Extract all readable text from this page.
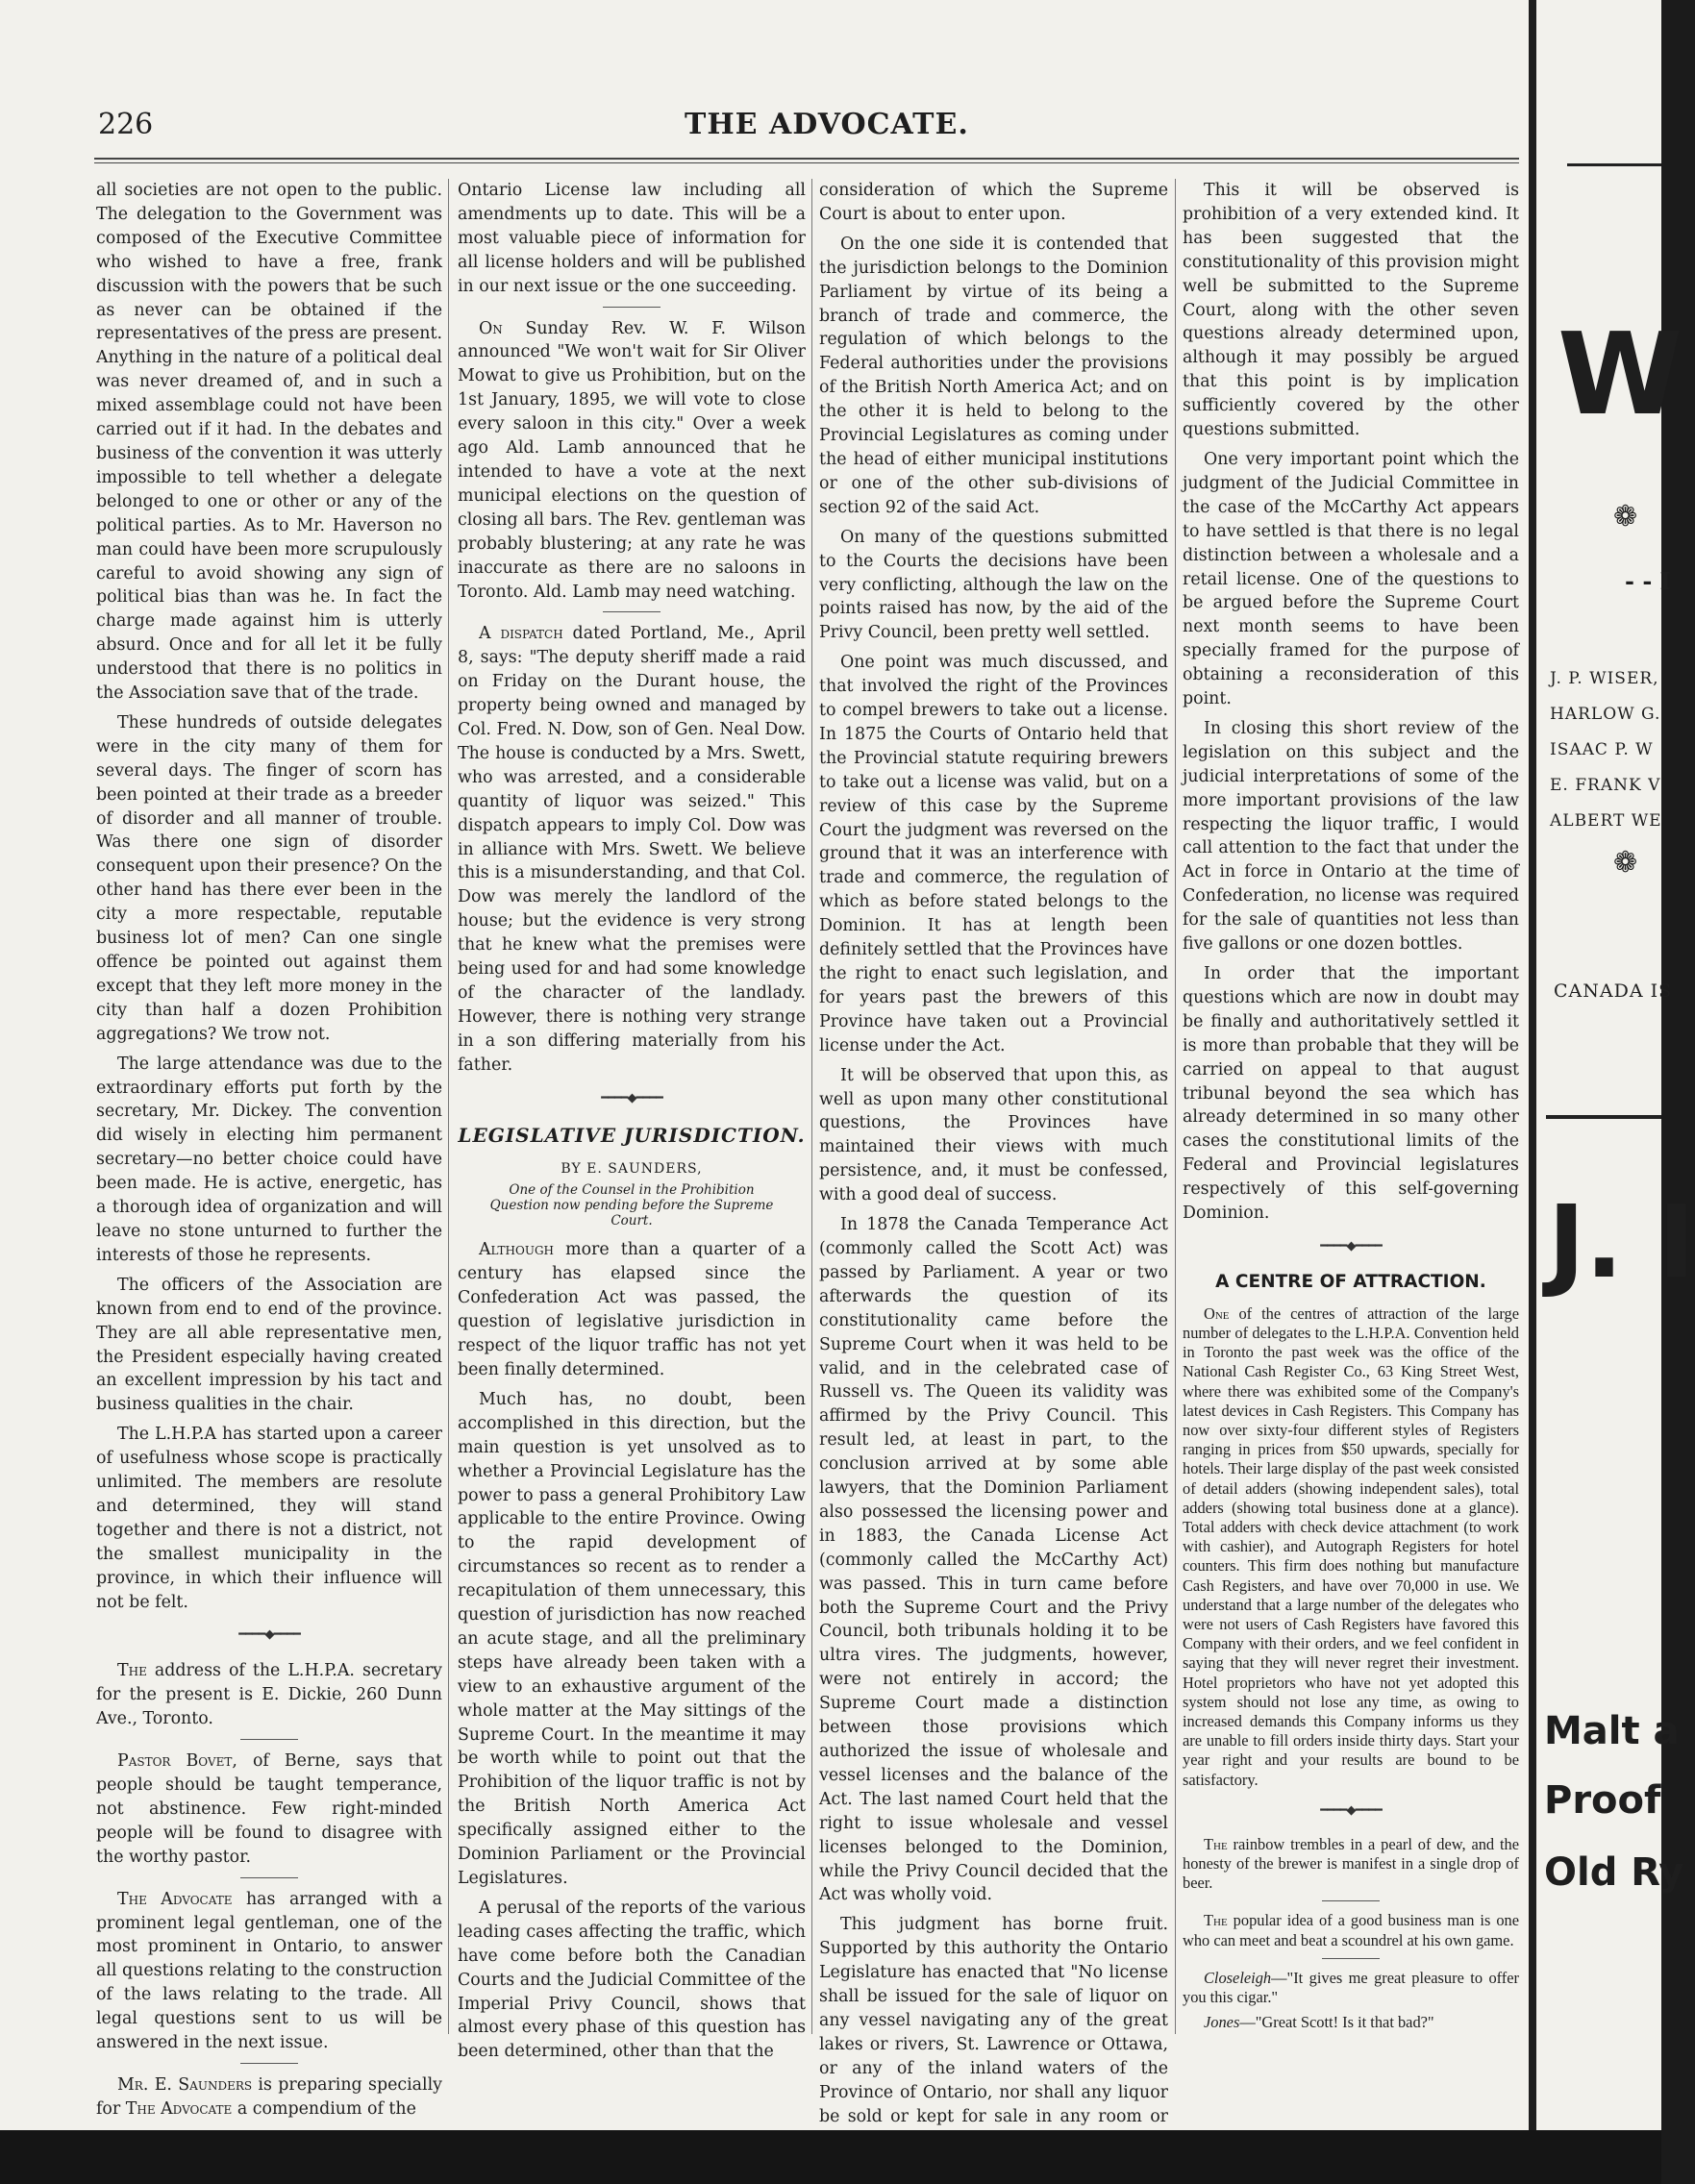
226	THE ADVOCATE.

all societies are not open to the public. The delegation to the Government was composed of the Executive Committee who wished to have a free, frank discussion with the powers that be such as never can be obtained if the representatives of the press are present. Anything in the nature of a political deal was never dreamed of, and in such a mixed assemblage could not have been carried out if it had. In the debates and business of the convention it was utterly impossible to tell whether a delegate belonged to one or other or any of the political parties. As to Mr. Haverson no man could have been more scrupulously careful to avoid showing any sign of political bias than was he. In fact the charge made against him is utterly absurd. Once and for all let it be fully understood that there is no politics in the Association save that of the trade.

These hundreds of outside delegates were in the city many of them for several days. The finger of scorn has been pointed at their trade as a breeder of disorder and all manner of trouble. Was there one sign of disorder consequent upon their presence? On the other hand has there ever been in the city a more respectable, reputable business lot of men? Can one single offence be pointed out against them except that they left more money in the city than half a dozen Prohibition aggregations? We trow not.

The large attendance was due to the extraordinary efforts put forth by the secretary, Mr. Dickey. The convention did wisely in electing him permanent secretary—no better choice could have been made. He is active, energetic, has a thorough idea of organization and will leave no stone unturned to further the interests of those he represents.

The officers of the Association are known from end to end of the province. They are all able representative men, the President especially having created an excellent impression by his tact and business qualities in the chair.

The L.H.P.A has started upon a career of usefulness whose scope is practically unlimited. The members are resolute and determined, they will stand together and there is not a district, not the smallest municipality in the province, in which their influence will not be felt.

━━━━◆━━━━

The address of the L.H.P.A. secretary for the present is E. Dickie, 260 Dunn Ave., Toronto.

Pastor Bovet, of Berne, says that people should be taught temperance, not abstinence. Few right-minded people will be found to disagree with the worthy pastor.

The Advocate has arranged with a prominent legal gentleman, one of the most prominent in Ontario, to answer all questions relating to the construction of the laws relating to the trade. All legal questions sent to us will be answered in the next issue.

Mr. E. Saunders is preparing specially for The Advocate a compendium of the

Ontario License law including all amendments up to date. This will be a most valuable piece of information for all license holders and will be published in our next issue or the one succeeding.

On Sunday Rev. W. F. Wilson announced "We won't wait for Sir Oliver Mowat to give us Prohibition, but on the 1st January, 1895, we will vote to close every saloon in this city." Over a week ago Ald. Lamb announced that he intended to have a vote at the next municipal elections on the question of closing all bars. The Rev. gentleman was probably blustering; at any rate he was inaccurate as there are no saloons in Toronto. Ald. Lamb may need watching.

A dispatch dated Portland, Me., April 8, says: "The deputy sheriff made a raid on Friday on the Durant house, the property being owned and managed by Col. Fred. N. Dow, son of Gen. Neal Dow. The house is conducted by a Mrs. Swett, who was arrested, and a considerable quantity of liquor was seized." This dispatch appears to imply Col. Dow was in alliance with Mrs. Swett. We believe this is a misunderstanding, and that Col. Dow was merely the landlord of the house; but the evidence is very strong that he knew what the premises were being used for and had some knowledge of the character of the landlady. However, there is nothing very strange in a son differing materially from his father.

━━━━◆━━━━
LEGISLATIVE JURISDICTION.
BY E. SAUNDERS,
One of the Counsel in the Prohibition Question now pending before the Supreme Court.

Although more than a quarter of a century has elapsed since the Confederation Act was passed, the question of legislative jurisdiction in respect of the liquor traffic has not yet been finally determined.

Much has, no doubt, been accomplished in this direction, but the main question is yet unsolved as to whether a Provincial Legislature has the power to pass a general Prohibitory Law applicable to the entire Province. Owing to the rapid development of circumstances so recent as to render a recapitulation of them unnecessary, this question of jurisdiction has now reached an acute stage, and all the preliminary steps have already been taken with a view to an exhaustive argument of the whole matter at the May sittings of the Supreme Court. In the meantime it may be worth while to point out that the Prohibition of the liquor traffic is not by the British North America Act specifically assigned either to the Dominion Parliament or the Provincial Legislatures.

A perusal of the reports of the various leading cases affecting the traffic, which have come before both the Canadian Courts and the Judicial Committee of the Imperial Privy Council, shows that almost every phase of this question has been determined, other than that the

consideration of which the Supreme Court is about to enter upon.

On the one side it is contended that the jurisdiction belongs to the Dominion Parliament by virtue of its being a branch of trade and commerce, the regulation of which belongs to the Federal authorities under the provisions of the British North America Act; and on the other it is held to belong to the Provincial Legislatures as coming under the head of either municipal institutions or one of the other sub-divisions of section 92 of the said Act.

On many of the questions submitted to the Courts the decisions have been very conflicting, although the law on the points raised has now, by the aid of the Privy Council, been pretty well settled.

One point was much discussed, and that involved the right of the Provinces to compel brewers to take out a license. In 1875 the Courts of Ontario held that the Provincial statute requiring brewers to take out a license was valid, but on a review of this case by the Supreme Court the judgment was reversed on the ground that it was an interference with trade and commerce, the regulation of which as before stated belongs to the Dominion. It has at length been definitely settled that the Provinces have the right to enact such legislation, and for years past the brewers of this Province have taken out a Provincial license under the Act.

It will be observed that upon this, as well as upon many other constitutional questions, the Provinces have maintained their views with much persistence, and, it must be confessed, with a good deal of success.

In 1878 the Canada Temperance Act (commonly called the Scott Act) was passed by Parliament. A year or two afterwards the question of its constitutionality came before the Supreme Court when it was held to be valid, and in the celebrated case of Russell vs. The Queen its validity was affirmed by the Privy Council. This result led, at least in part, to the conclusion arrived at by some able lawyers, that the Dominion Parliament also possessed the licensing power and in 1883, the Canada License Act (commonly called the McCarthy Act) was passed. This in turn came before both the Supreme Court and the Privy Council, both tribunals holding it to be ultra vires. The judgments, however, were not entirely in accord; the Supreme Court made a distinction between those provisions which authorized the issue of wholesale and vessel licenses and the balance of the Act. The last named Court held that the right to issue wholesale and vessel licenses belonged to the Dominion, while the Privy Council decided that the Act was wholly void.

This judgment has borne fruit. Supported by this authority the Ontario Legislature has enacted that "No license shall be issued for the sale of liquor on any vessel navigating any of the great lakes or rivers, St. Lawrence or Ottawa, or any of the inland waters of the Province of Ontario, nor shall any liquor be sold or kept for sale in any room or

This it will be observed is prohibition of a very extended kind. It has been suggested that the constitutionality of this provision might well be submitted to the Supreme Court, along with the other seven questions already determined upon, although it may possibly be argued that this point is by implication sufficiently covered by the other questions submitted.

One very important point which the judgment of the Judicial Committee in the case of the McCarthy Act appears to have settled is that there is no legal distinction between a wholesale and a retail license. One of the questions to be argued before the Supreme Court next month seems to have been specially framed for the purpose of obtaining a reconsideration of this point.

In closing this short review of the legislation on this subject and the judicial interpretations of some of the more important provisions of the law respecting the liquor traffic, I would call attention to the fact that under the Act in force in Ontario at the time of Confederation, no license was required for the sale of quantities not less than five gallons or one dozen bottles.

In order that the important questions which are now in doubt may be finally and authoritatively settled it is more than probable that they will be carried on appeal to that august tribunal beyond the sea which has already determined in so many other cases the constitutional limits of the Federal and Provincial legislatures respectively of this self-governing Dominion.

━━━━◆━━━━
A CENTRE OF ATTRACTION.

One of the centres of attraction of the large number of delegates to the L.H.P.A. Convention held in Toronto the past week was the office of the National Cash Register Co., 63 King Street West, where there was exhibited some of the Company's latest devices in Cash Registers. This Company has now over sixty-four different styles of Registers ranging in prices from $50 upwards, specially for hotels. Their large display of the past week consisted of detail adders (showing independent sales), total adders (showing total business done at a glance). Total adders with check device attachment (to work with cashier), and Autograph Registers for hotel counters. This firm does nothing but manufacture Cash Registers, and have over 70,000 in use. We understand that a large number of the delegates who were not users of Cash Registers have favored this Company with their orders, and we feel confident in saying that they will never regret their investment. Hotel proprietors who have not yet adopted this system should not lose any time, as owing to increased demands this Company informs us they are unable to fill orders inside thirty days. Start your year right and your results are bound to be satisfactory.

━━━━◆━━━━

The rainbow trembles in a pearl of dew, and the honesty of the brewer is manifest in a single drop of beer.

The popular idea of a good business man is one who can meet and beat a scoundrel at his own game.

Closeleigh—"It gives me great pleasure to offer you this cigar."

Jones—"Great Scott! Is it that bad?"

W
❁
- - I
J. P. WISER,
HARLOW G.
ISAAC P. W
E. FRANK V
ALBERT WE
❁
CANADA IS
J. I
Malt a
Proof
Old Ry
